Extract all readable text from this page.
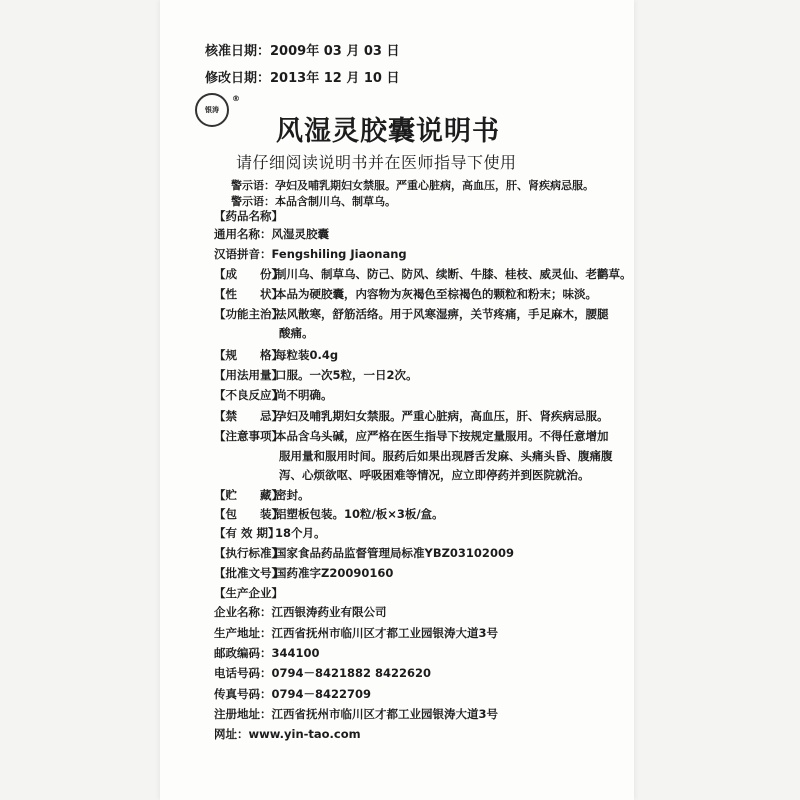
核准日期：2009年 03 月 03 日
修改日期：2013年 12 月 10 日
银涛
®
风湿灵胶囊说明书
请仔细阅读说明书并在医师指导下使用
警示语：孕妇及哺乳期妇女禁服。严重心脏病，高血压，肝、肾疾病忌服。
警示语：本品含制川乌、制草乌。
【药品名称】
通用名称：风湿灵胶囊
汉语拼音：Fengshiling Jiaonang
【成　　份】制川乌、制草乌、防己、防风、续断、牛膝、桂枝、威灵仙、老鹳草。
【性　　状】本品为硬胶囊，内容物为灰褐色至棕褐色的颗粒和粉末；味淡。
【功能主治】祛风散寒，舒筋活络。用于风寒湿痹，关节疼痛，手足麻木，腰腿
酸痛。
【规　　格】每粒装0.4g
【用法用量】口服。一次5粒，一日2次。
【不良反应】尚不明确。
【禁　　忌】孕妇及哺乳期妇女禁服。严重心脏病，高血压，肝、肾疾病忌服。
【注意事项】本品含乌头碱，应严格在医生指导下按规定量服用。不得任意增加
服用量和服用时间。服药后如果出现唇舌发麻、头痛头昏、腹痛腹
泻、心烦欲呕、呼吸困难等情况，应立即停药并到医院就治。
【贮　　藏】密封。
【包　　装】铝塑板包装。10粒/板×3板/盒。
【有 效 期】18个月。
【执行标准】国家食品药品监督管理局标准YBZ03102009
【批准文号】国药准字Z20090160
【生产企业】
企业名称：江西银涛药业有限公司
生产地址：江西省抚州市临川区才都工业园银涛大道3号
邮政编码：344100
电话号码：0794－8421882 8422620
传真号码：0794－8422709
注册地址：江西省抚州市临川区才都工业园银涛大道3号
网址：www.yin-tao.com
